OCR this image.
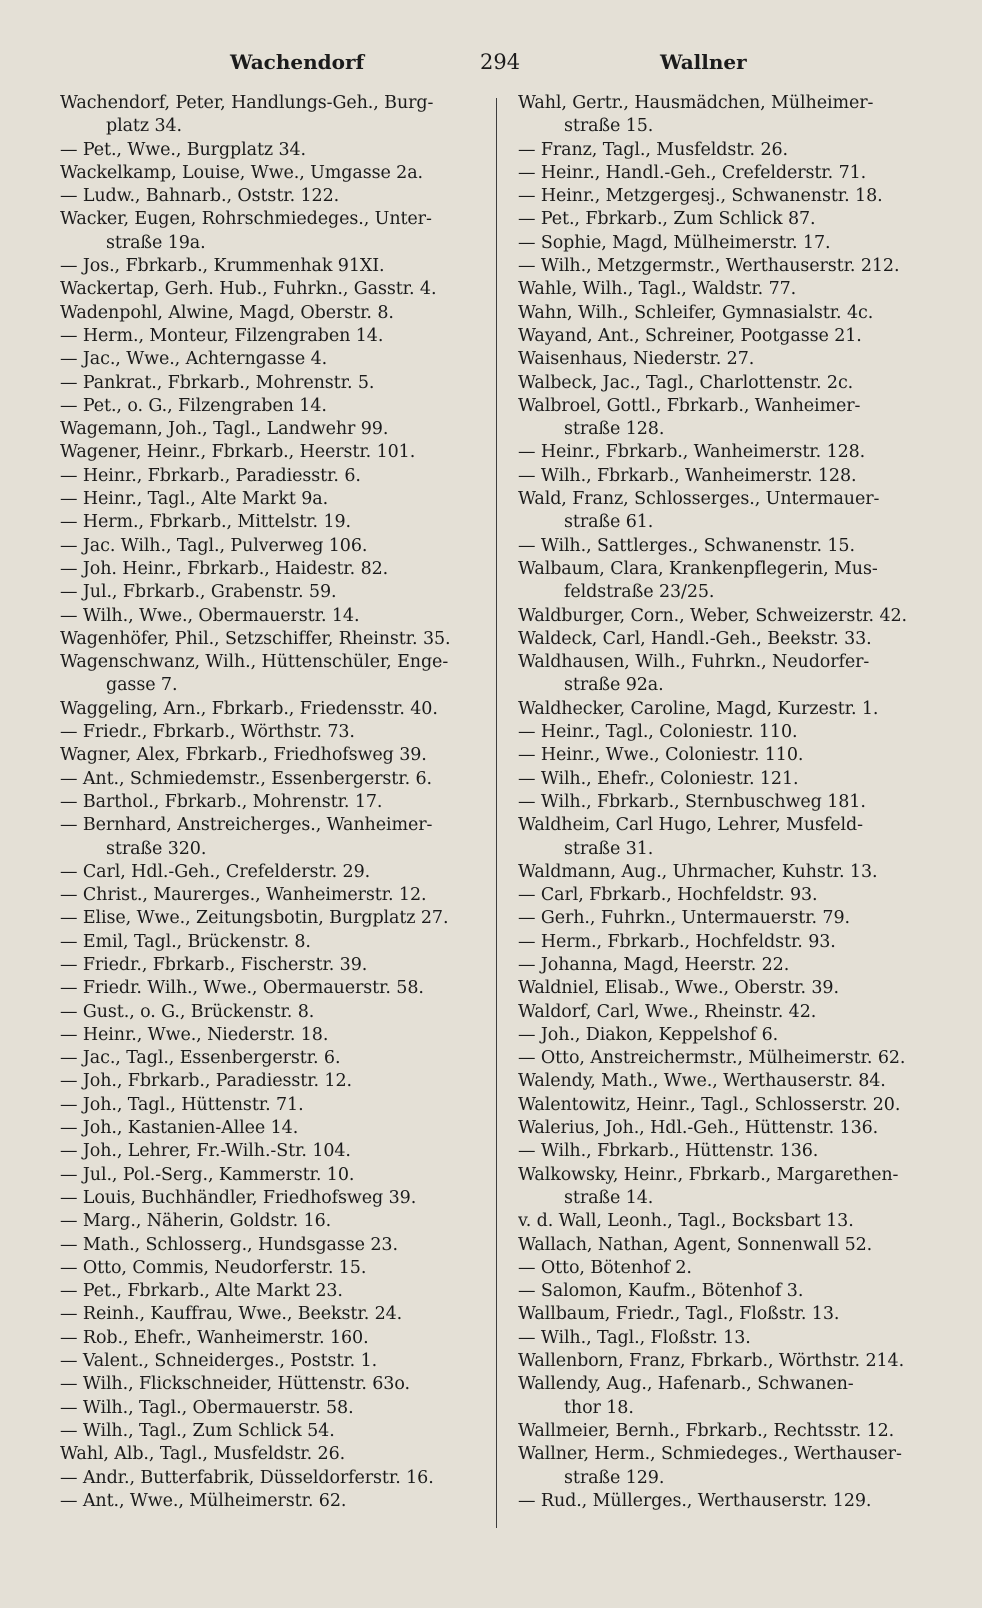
Wachendorf	294	Wallner
Wachendorf, Peter, Handlungs-Geh., Burg-
platz 34.
— Pet., Wwe., Burgplatz 34.
Wackelkamp, Louise, Wwe., Umgasse 2a.
— Ludw., Bahnarb., Oststr. 122.
Wacker, Eugen, Rohrschmiedeges., Unter-
straße 19a.
— Jos., Fbrkarb., Krummenhak 91XI.
Wackertap, Gerh. Hub., Fuhrkn., Gasstr. 4.
Wadenpohl, Alwine, Magd, Oberstr. 8.
— Herm., Monteur, Filzengraben 14.
— Jac., Wwe., Achterngasse 4.
— Pankrat., Fbrkarb., Mohrenstr. 5.
— Pet., o. G., Filzengraben 14.
Wagemann, Joh., Tagl., Landwehr 99.
Wagener, Heinr., Fbrkarb., Heerstr. 101.
— Heinr., Fbrkarb., Paradiesstr. 6.
— Heinr., Tagl., Alte Markt 9a.
— Herm., Fbrkarb., Mittelstr. 19.
— Jac. Wilh., Tagl., Pulverweg 106.
— Joh. Heinr., Fbrkarb., Haidestr. 82.
— Jul., Fbrkarb., Grabenstr. 59.
— Wilh., Wwe., Obermauerstr. 14.
Wagenhöfer, Phil., Setzschiffer, Rheinstr. 35.
Wagenschwanz, Wilh., Hüttenschüler, Enge-
gasse 7.
Waggeling, Arn., Fbrkarb., Friedensstr. 40.
— Friedr., Fbrkarb., Wörthstr. 73.
Wagner, Alex, Fbrkarb., Friedhofsweg 39.
— Ant., Schmiedemstr., Essenbergerstr. 6.
— Barthol., Fbrkarb., Mohrenstr. 17.
— Bernhard, Anstreicherges., Wanheimer-
straße 320.
— Carl, Hdl.-Geh., Crefelderstr. 29.
— Christ., Maurerges., Wanheimerstr. 12.
— Elise, Wwe., Zeitungsbotin, Burgplatz 27.
— Emil, Tagl., Brückenstr. 8.
— Friedr., Fbrkarb., Fischerstr. 39.
— Friedr. Wilh., Wwe., Obermauerstr. 58.
— Gust., o. G., Brückenstr. 8.
— Heinr., Wwe., Niederstr. 18.
— Jac., Tagl., Essenbergerstr. 6.
— Joh., Fbrkarb., Paradiesstr. 12.
— Joh., Tagl., Hüttenstr. 71.
— Joh., Kastanien-Allee 14.
— Joh., Lehrer, Fr.-Wilh.-Str. 104.
— Jul., Pol.-Serg., Kammerstr. 10.
— Louis, Buchhändler, Friedhofsweg 39.
— Marg., Näherin, Goldstr. 16.
— Math., Schlosserg., Hundsgasse 23.
— Otto, Commis, Neudorferstr. 15.
— Pet., Fbrkarb., Alte Markt 23.
— Reinh., Kauffrau, Wwe., Beekstr. 24.
— Rob., Ehefr., Wanheimerstr. 160.
— Valent., Schneiderges., Poststr. 1.
— Wilh., Flickschneider, Hüttenstr. 63o.
— Wilh., Tagl., Obermauerstr. 58.
— Wilh., Tagl., Zum Schlick 54.
Wahl, Alb., Tagl., Musfeldstr. 26.
— Andr., Butterfabrik, Düsseldorferstr. 16.
— Ant., Wwe., Mülheimerstr. 62.
Wahl, Gertr., Hausmädchen, Mülheimer-
straße 15.
— Franz, Tagl., Musfeldstr. 26.
— Heinr., Handl.-Geh., Crefelderstr. 71.
— Heinr., Metzgergesj., Schwanenstr. 18.
— Pet., Fbrkarb., Zum Schlick 87.
— Sophie, Magd, Mülheimerstr. 17.
— Wilh., Metzgermstr., Werthauserstr. 212.
Wahle, Wilh., Tagl., Waldstr. 77.
Wahn, Wilh., Schleifer, Gymnasialstr. 4c.
Wayand, Ant., Schreiner, Pootgasse 21.
Waisenhaus, Niederstr. 27.
Walbeck, Jac., Tagl., Charlottenstr. 2c.
Walbroel, Gottl., Fbrkarb., Wanheimer-
straße 128.
— Heinr., Fbrkarb., Wanheimerstr. 128.
— Wilh., Fbrkarb., Wanheimerstr. 128.
Wald, Franz, Schlosserges., Untermauer-
straße 61.
— Wilh., Sattlerges., Schwanenstr. 15.
Walbaum, Clara, Krankenpflegerin, Mus-
feldstraße 23/25.
Waldburger, Corn., Weber, Schweizerstr. 42.
Waldeck, Carl, Handl.-Geh., Beekstr. 33.
Waldhausen, Wilh., Fuhrkn., Neudorfer-
straße 92a.
Waldhecker, Caroline, Magd, Kurzestr. 1.
— Heinr., Tagl., Coloniestr. 110.
— Heinr., Wwe., Coloniestr. 110.
— Wilh., Ehefr., Coloniestr. 121.
— Wilh., Fbrkarb., Sternbuschweg 181.
Waldheim, Carl Hugo, Lehrer, Musfeld-
straße 31.
Waldmann, Aug., Uhrmacher, Kuhstr. 13.
— Carl, Fbrkarb., Hochfeldstr. 93.
— Gerh., Fuhrkn., Untermauerstr. 79.
— Herm., Fbrkarb., Hochfeldstr. 93.
— Johanna, Magd, Heerstr. 22.
Waldniel, Elisab., Wwe., Oberstr. 39.
Waldorf, Carl, Wwe., Rheinstr. 42.
— Joh., Diakon, Keppelshof 6.
— Otto, Anstreichermstr., Mülheimerstr. 62.
Walendy, Math., Wwe., Werthauserstr. 84.
Walentowitz, Heinr., Tagl., Schlosserstr. 20.
Walerius, Joh., Hdl.-Geh., Hüttenstr. 136.
— Wilh., Fbrkarb., Hüttenstr. 136.
Walkowsky, Heinr., Fbrkarb., Margarethen-
straße 14.
v. d. Wall, Leonh., Tagl., Bocksbart 13.
Wallach, Nathan, Agent, Sonnenwall 52.
— Otto, Bötenhof 2.
— Salomon, Kaufm., Bötenhof 3.
Wallbaum, Friedr., Tagl., Floßstr. 13.
— Wilh., Tagl., Floßstr. 13.
Wallenborn, Franz, Fbrkarb., Wörthstr. 214.
Wallendy, Aug., Hafenarb., Schwanen-
thor 18.
Wallmeier, Bernh., Fbrkarb., Rechtsstr. 12.
Wallner, Herm., Schmiedeges., Werthauser-
straße 129.
— Rud., Müllerges., Werthauserstr. 129.
